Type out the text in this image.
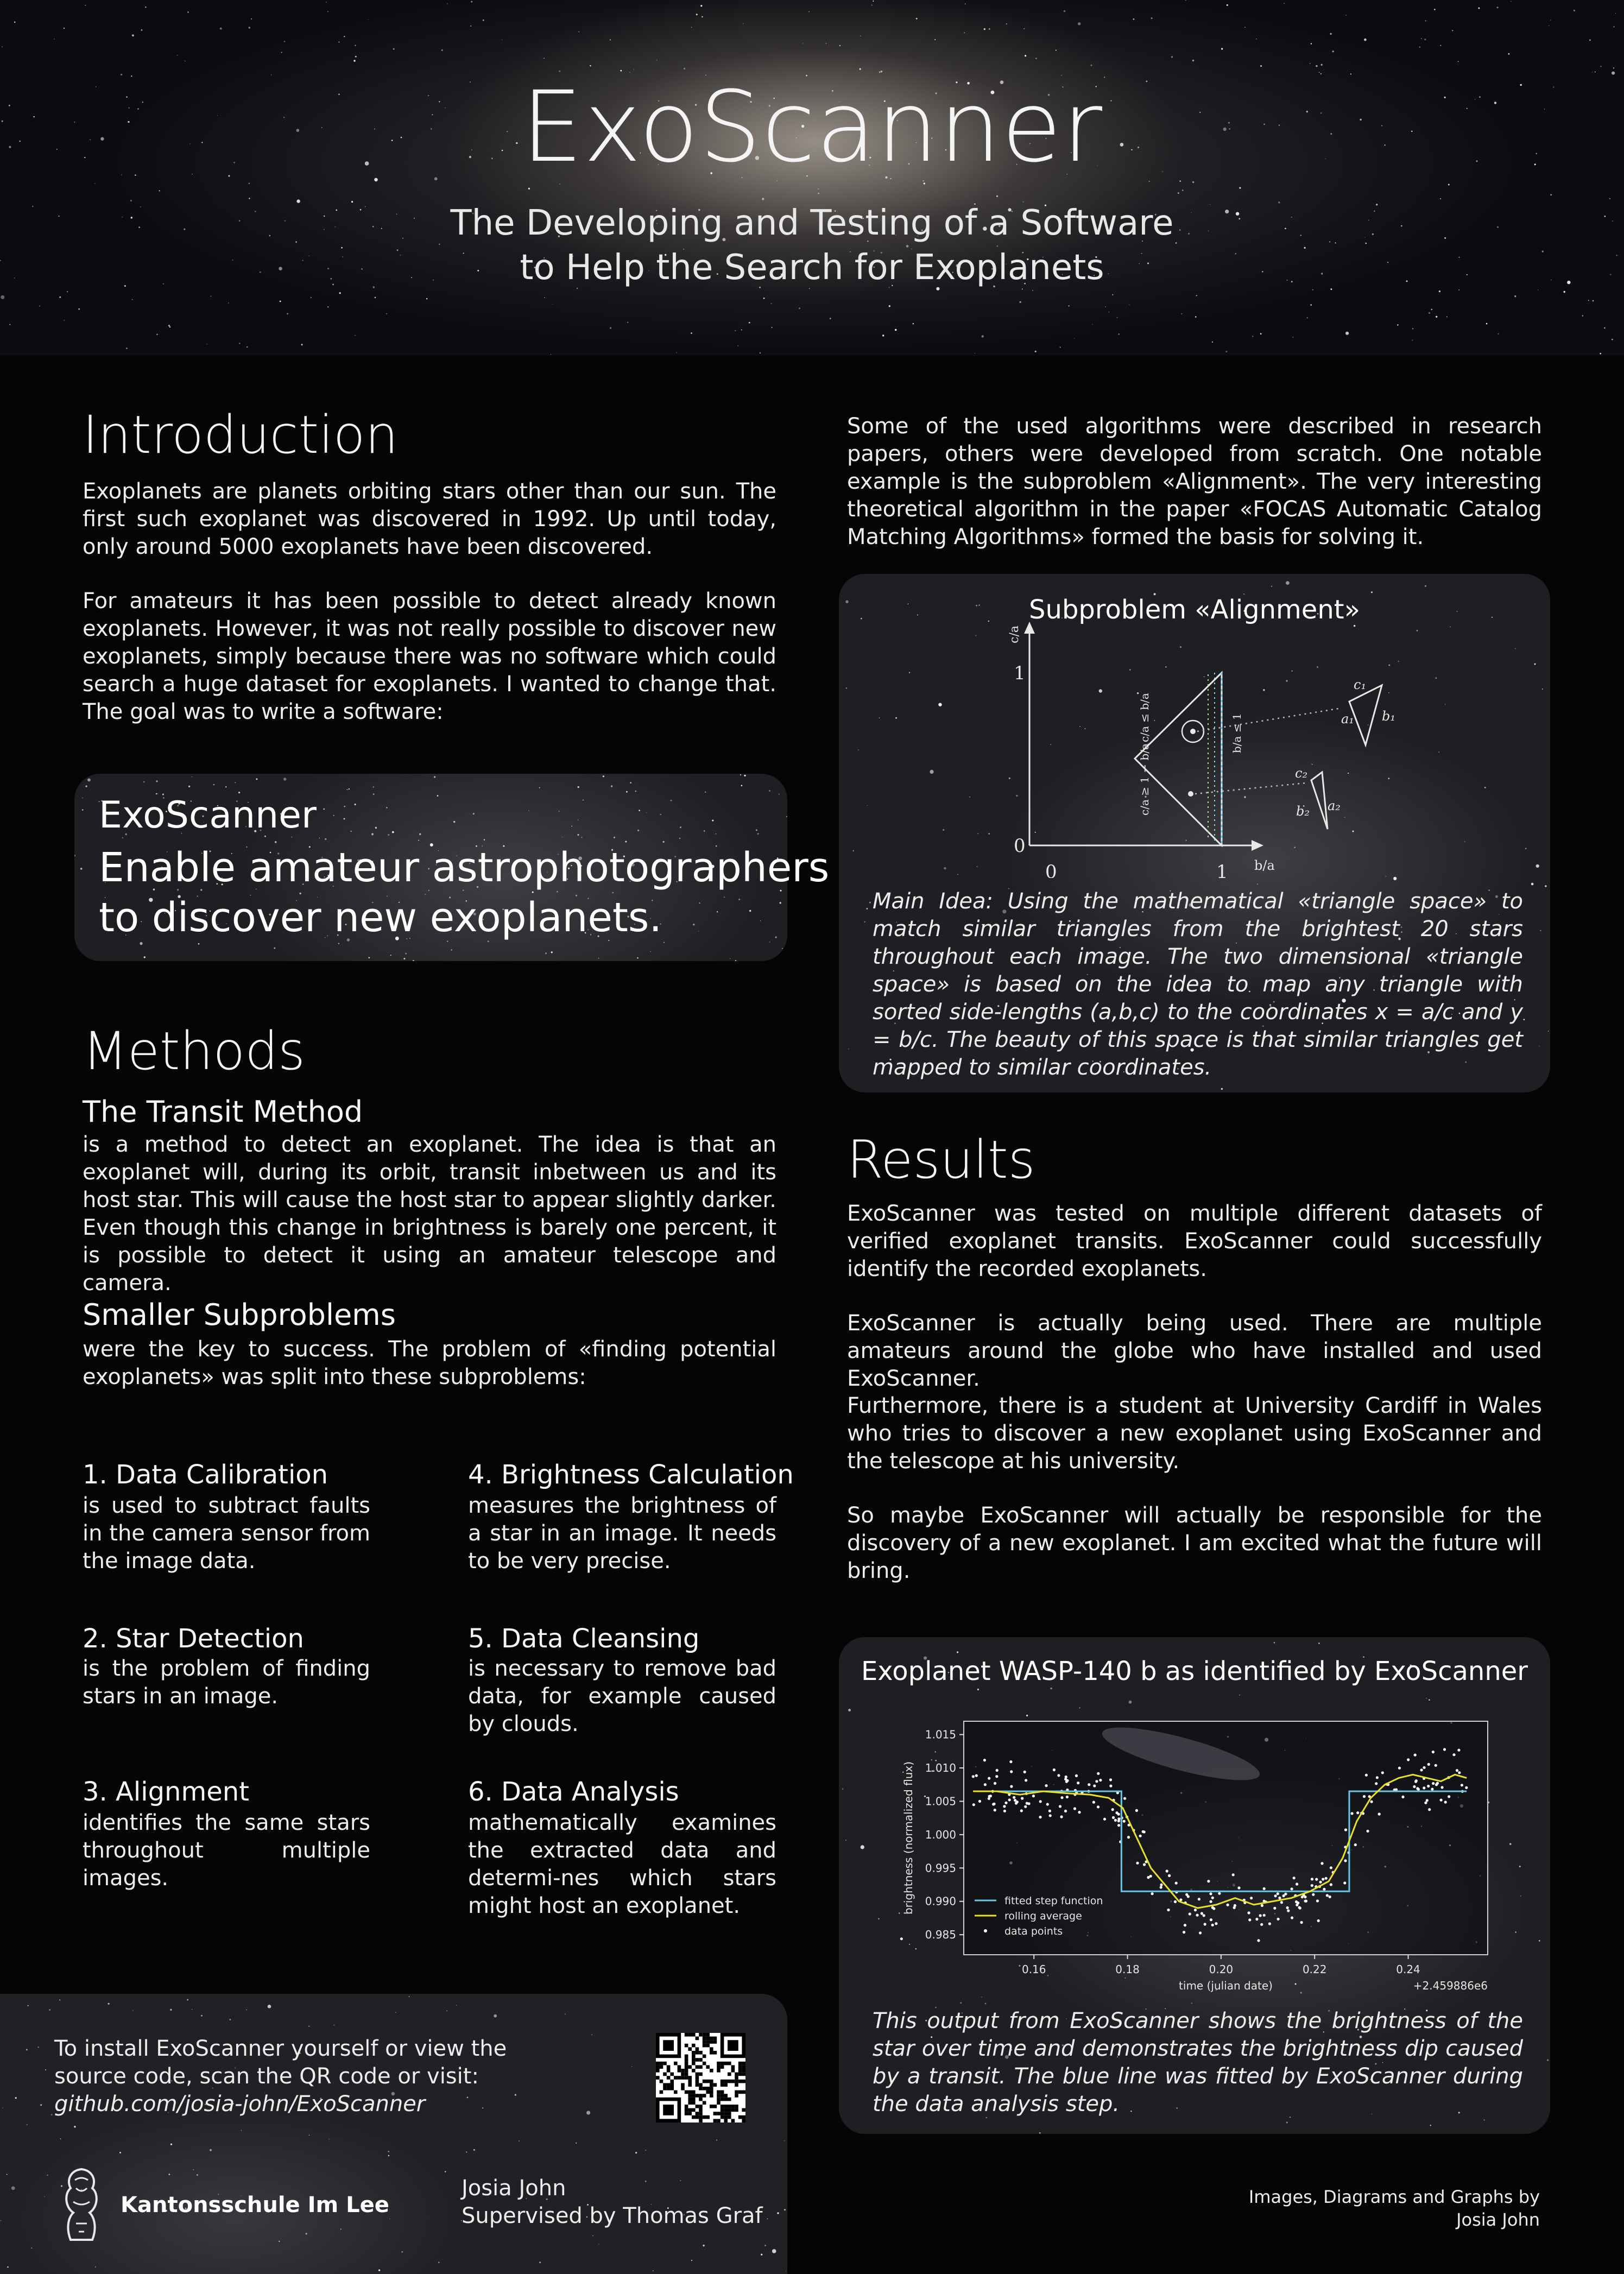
ExoScanner
The Developing and Testing of a Software
to Help the Search for Exoplanets
Introduction

Exoplanets are planets orbiting stars other than our sun. The first such exoplanet was discovered in 1992. Up until today, only around 5000 exoplanets have been discovered.

For amateurs it has been possible to detect already known exoplanets. However, it was not really possible to discover new exoplanets, simply because there was no software which could search a huge dataset for exoplanets. I wanted to change that. The goal was to write a software:

ExoScanner
Enable amateur astrophotographers
to discover new exoplanets.
Methods
The Transit Method

is a method to detect an exoplanet. The idea is that an exoplanet will, during its orbit, transit inbetween us and its host star. This will cause the host star to appear slightly darker. Even though this change in brightness is barely one percent, it is possible to detect it using an amateur telescope and camera.

Smaller Subproblems

were the key to success. The problem of «finding potential exoplanets» was split into these subproblems:

1. Data Calibration

is used to subtract faults in the camera sensor from the image data.

2. Star Detection

is the problem of finding stars in an image.

3. Alignment

identifies the same stars throughout multiple images.

4. Brightness Calculation

measures the brightness of a star in an image. It needs to be very precise.

5. Data Cleansing

is necessary to remove bad data, for example caused by clouds.

6. Data Analysis

mathematically examines the extracted data and determi-nes which stars might host an exoplanet.

Some of the used algorithms were described in research papers, others were developed from scratch. One notable example is the subproblem «Alignment». The very interesting theoretical algorithm in the paper «FOCAS Automatic Catalog Matching Algorithms» formed the basis for solving it.

Subproblem «Alignment»
c/a
b/a
1
0
0	1
c/a ≤ b/a	b/a ≤ 1
c/a ≥ 1 − b/a
c₁
a₁ b₁
c₂
a₂
b₂

Main Idea: Using the mathematical «triangle space» to match similar triangles from the brightest 20 stars throughout each image. The two dimensional «triangle space» is based on the idea to map any triangle with sorted side-lengths (a,b,c) to the coordinates x = a/c and y = b/c. The beauty of this space is that similar triangles get mapped to similar coordinates.

Results

ExoScanner was tested on multiple different datasets of verified exoplanet transits. ExoScanner could successfully identify the recorded exoplanets.

ExoScanner is actually being used. There are multiple amateurs around the globe who have installed and used ExoScanner.

Furthermore, there is a student at University Cardiff in Wales who tries to discover a new exoplanet using ExoScanner and the telescope at his university.

So maybe ExoScanner will actually be responsible for the discovery of a new exoplanet. I am excited what the future will bring.

Exoplanet WASP-140 b as identified by ExoScanner
0.985
0.990
0.995
1.000
1.005
1.010
1.015
0.16	0.18	0.20	0.22	0.24
time (julian date)	+2.459886e6
brightness (normalized flux)	fitted step function
rolling average
data points

This output from ExoScanner shows the brightness of the star over time and demonstrates the brightness dip caused by a transit. The blue line was fitted by ExoScanner during the data analysis step.

To install ExoScanner yourself or view the
source code, scan the QR code or visit:
github.com/josia-john/ExoScanner
Kantonsschule Im Lee
Josia John
Supervised by Thomas Graf
Images, Diagrams and Graphs by
Josia John
